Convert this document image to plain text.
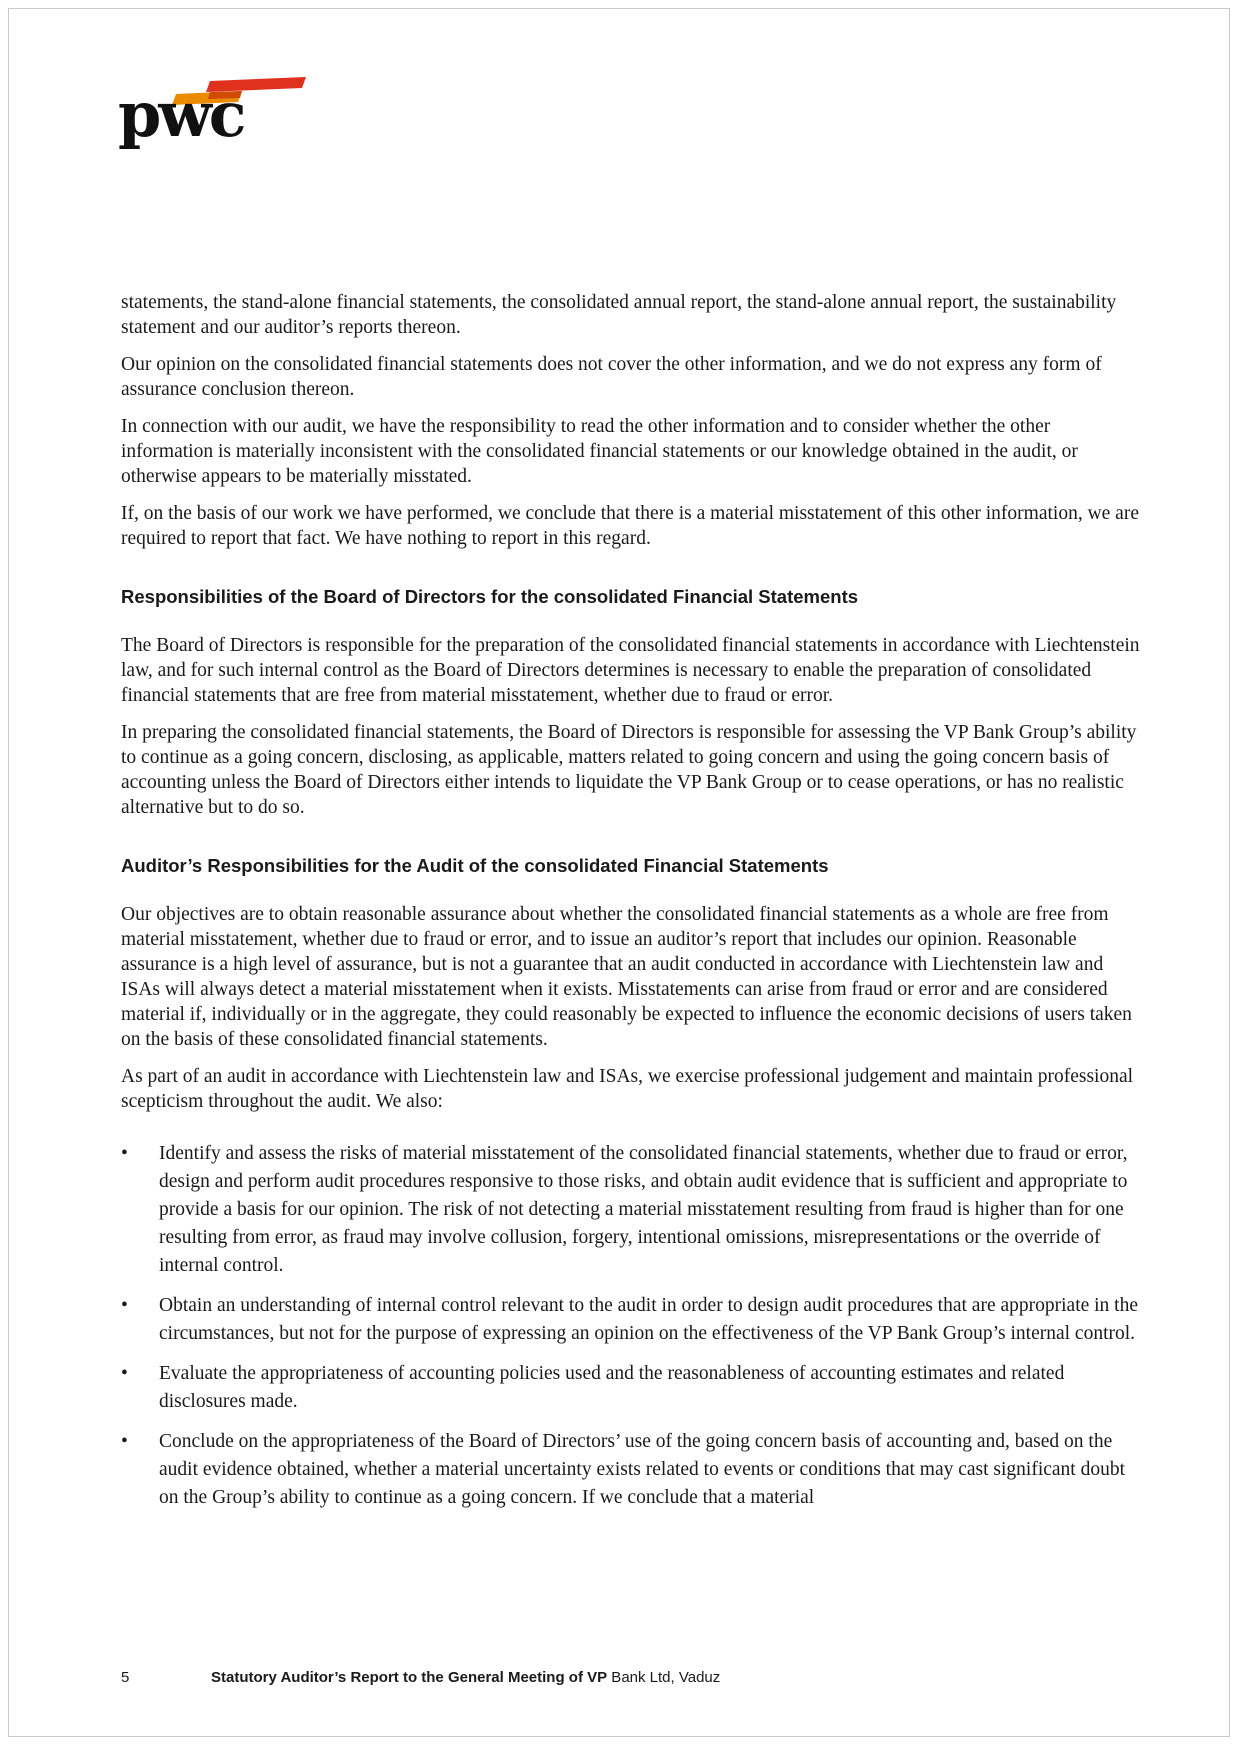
pwc

statements, the stand-alone financial statements, the consolidated annual report, the stand-alone annual report, the sustainability statement and our auditor’s reports thereon.

Our opinion on the consolidated financial statements does not cover the other information, and we do not express any form of assurance conclusion thereon.

In connection with our audit, we have the responsibility to read the other information and to consider whether the other information is materially inconsistent with the consolidated financial statements or our knowledge obtained in the audit, or otherwise appears to be materially misstated.

If, on the basis of our work we have performed, we conclude that there is a material misstatement of this other information, we are required to report that fact. We have nothing to report in this regard.

Responsibilities of the Board of Directors for the consolidated Financial Statements

The Board of Directors is responsible for the preparation of the consolidated financial statements in accordance with Liechtenstein law, and for such internal control as the Board of Directors determines is necessary to enable the preparation of consolidated financial statements that are free from material misstatement, whether due to fraud or error.

In preparing the consolidated financial statements, the Board of Directors is responsible for assessing the VP Bank Group’s ability to continue as a going concern, disclosing, as applicable, matters related to going concern and using the going concern basis of accounting unless the Board of Directors either intends to liquidate the VP Bank Group or to cease operations, or has no realistic alternative but to do so.

Auditor’s Responsibilities for the Audit of the consolidated Financial Statements

Our objectives are to obtain reasonable assurance about whether the consolidated financial statements as a whole are free from material misstatement, whether due to fraud or error, and to issue an auditor’s report that includes our opinion. Reasonable assurance is a high level of assurance, but is not a guarantee that an audit conducted in accordance with Liechtenstein law and ISAs will always detect a material misstatement when it exists. Misstatements can arise from fraud or error and are considered material if, individually or in the aggregate, they could reasonably be expected to influence the economic decisions of users taken on the basis of these consolidated financial statements.

As part of an audit in accordance with Liechtenstein law and ISAs, we exercise professional judgement and maintain professional scepticism throughout the audit. We also:

• Identify and assess the risks of material misstatement of the consolidated financial statements, whether due to fraud or error, design and perform audit procedures responsive to those risks, and obtain audit evidence that is sufficient and appropriate to provide a basis for our opinion. The risk of not detecting a material misstatement resulting from fraud is higher than for one resulting from error, as fraud may involve collusion, forgery, intentional omissions, misrepresentations or the override of internal control.
• Obtain an understanding of internal control relevant to the audit in order to design audit procedures that are appropriate in the circumstances, but not for the purpose of expressing an opinion on the effectiveness of the VP Bank Group’s internal control.
• Evaluate the appropriateness of accounting policies used and the reasonableness of accounting estimates and related disclosures made.
• Conclude on the appropriateness of the Board of Directors’ use of the going concern basis of accounting and, based on the audit evidence obtained, whether a material uncertainty exists related to events or conditions that may cast significant doubt on the Group’s ability to continue as a going concern. If we conclude that a material
5	Statutory Auditor’s Report to the General Meeting of VP Bank Ltd, Vaduz
